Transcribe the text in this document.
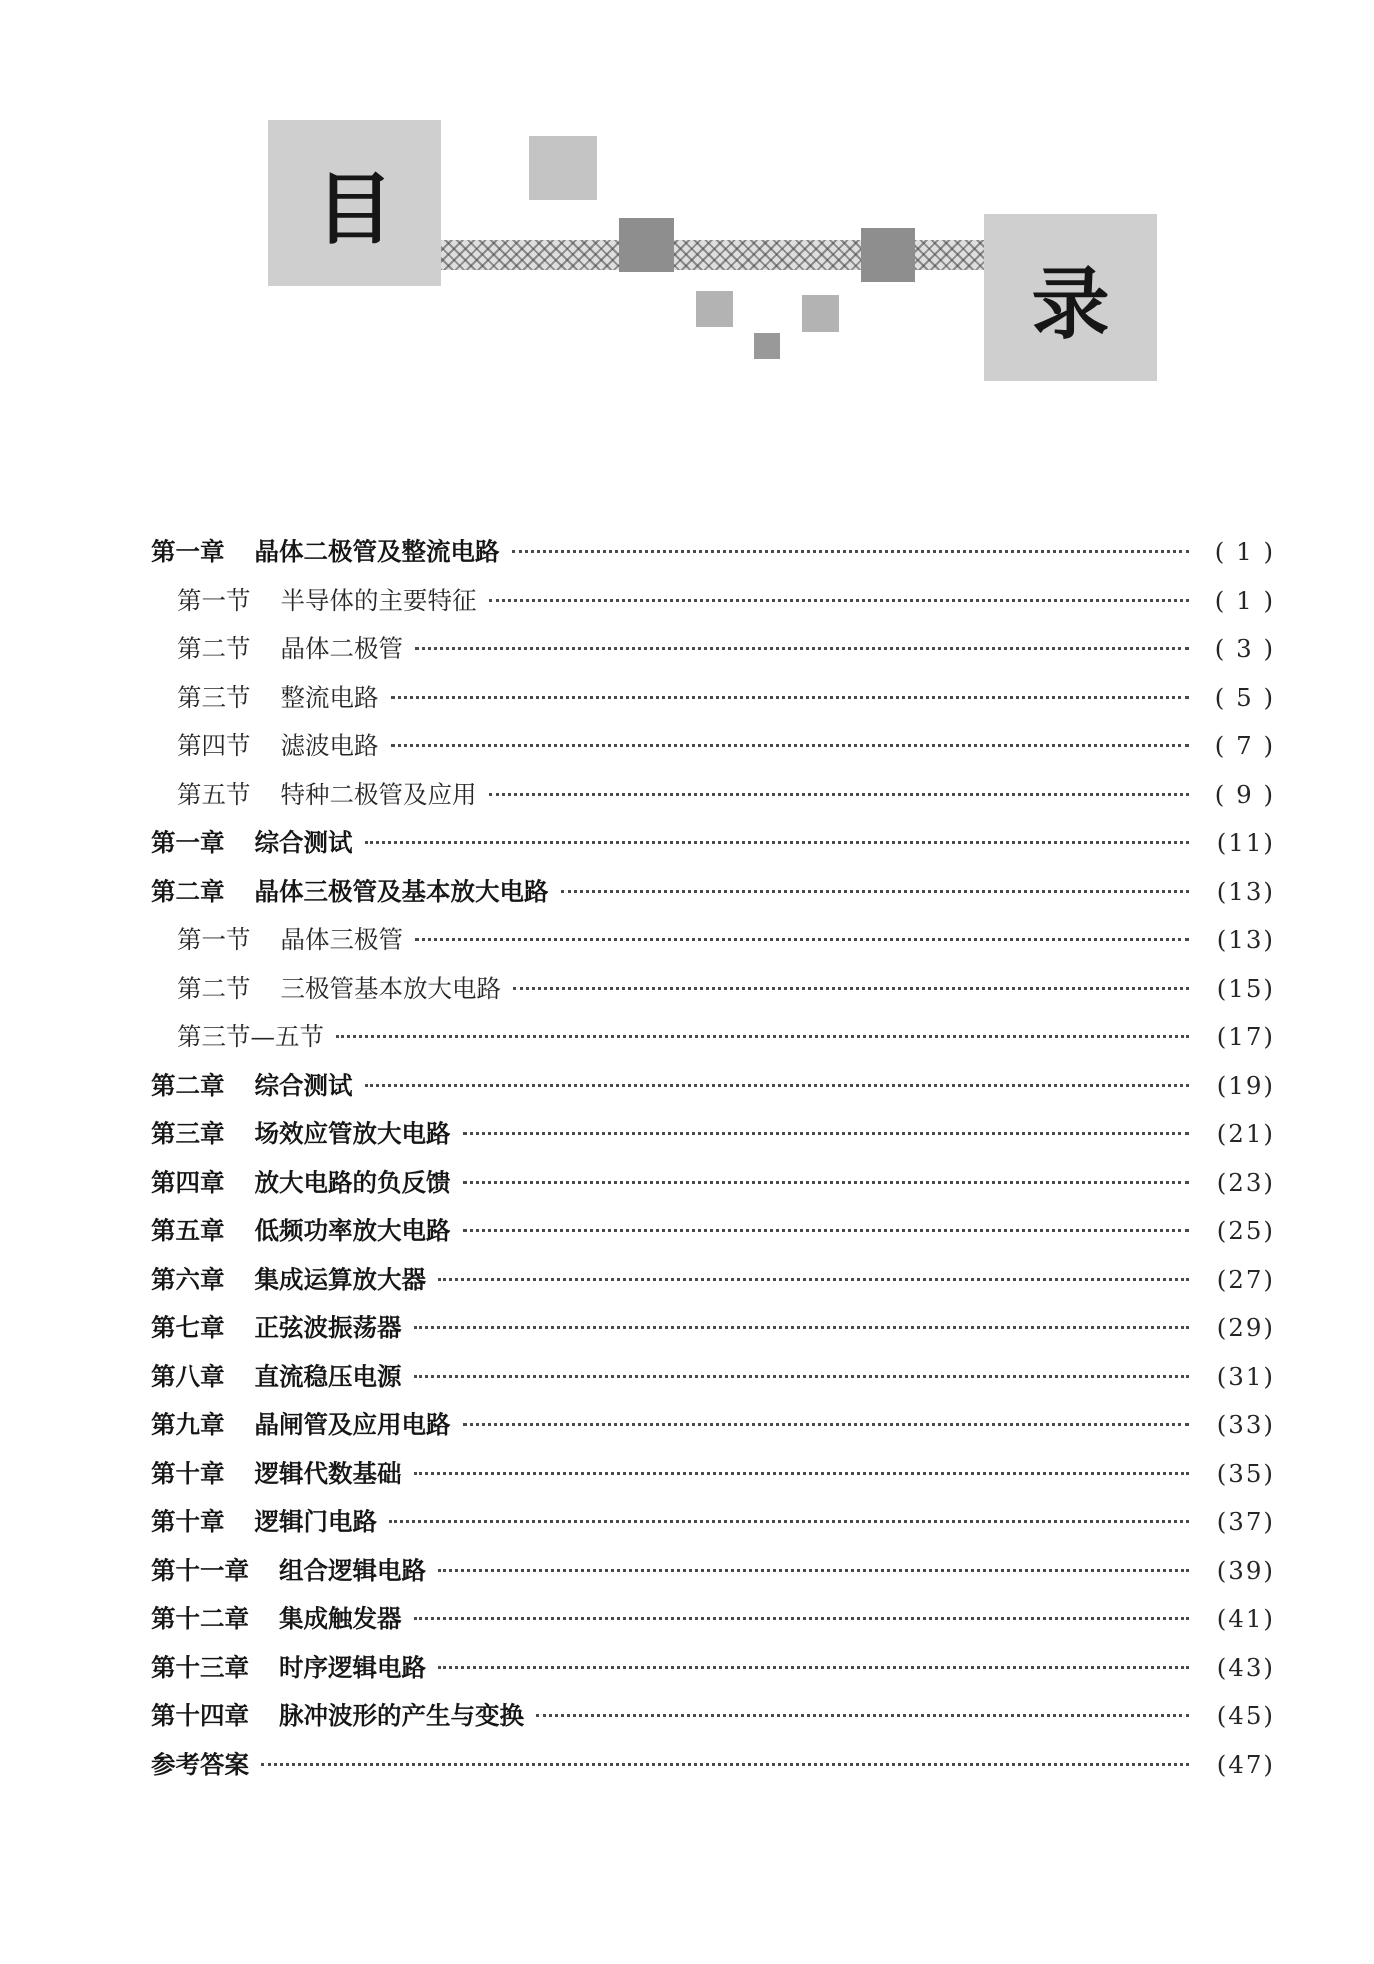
目
录
第一章 晶体二极管及整流电路	( 1 )
第一节 半导体的主要特征	( 1 )
第二节 晶体二极管	( 3 )
第三节 整流电路	( 5 )
第四节 滤波电路	( 7 )
第五节 特种二极管及应用	( 9 )
第一章 综合测试	(11)
第二章 晶体三极管及基本放大电路	(13)
第一节 晶体三极管	(13)
第二节 三极管基本放大电路	(15)
第三节—五节	(17)
第二章 综合测试	(19)
第三章 场效应管放大电路	(21)
第四章 放大电路的负反馈	(23)
第五章 低频功率放大电路	(25)
第六章 集成运算放大器	(27)
第七章 正弦波振荡器	(29)
第八章 直流稳压电源	(31)
第九章 晶闸管及应用电路	(33)
第十章 逻辑代数基础	(35)
第十章 逻辑门电路	(37)
第十一章 组合逻辑电路	(39)
第十二章 集成触发器	(41)
第十三章 时序逻辑电路	(43)
第十四章 脉冲波形的产生与变换	(45)
参考答案	(47)
